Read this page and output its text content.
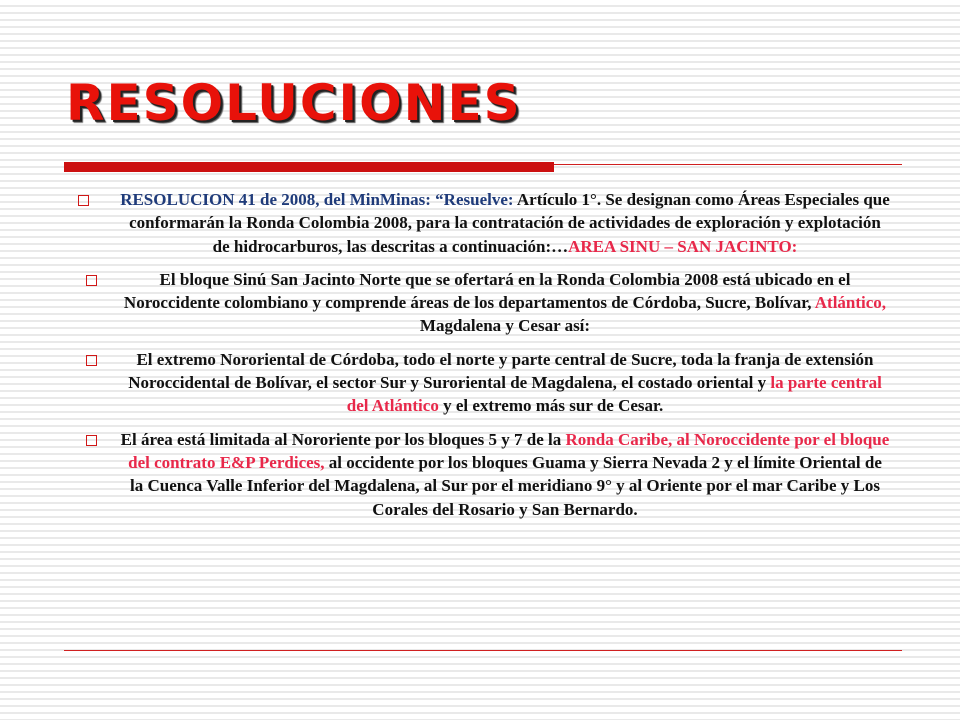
RESOLUCIONES

RESOLUCION 41 de 2008, del MinMinas: “Resuelve: Artículo 1°. Se designan como Áreas Especiales que conformarán la Ronda Colombia 2008, para la contratación de actividades de exploración y explotación de hidrocarburos, las descritas a continuación:…AREA SINU – SAN JACINTO:

El bloque Sinú San Jacinto Norte que se ofertará en la Ronda Colombia 2008 está ubicado en el Noroccidente colombiano y comprende áreas de los departamentos de Córdoba, Sucre, Bolívar, Atlántico, Magdalena y Cesar así:

El extremo Nororiental de Córdoba, todo el norte y parte central de Sucre, toda la franja de extensión Noroccidental de Bolívar, el sector Sur y Suroriental de Magdalena, el costado oriental y la parte central del Atlántico y el extremo más sur de Cesar.

El área está limitada al Nororiente por los bloques 5 y 7 de la Ronda Caribe, al Noroccidente por el bloque del contrato E&P Perdices, al occidente por los bloques Guama y Sierra Nevada 2 y el límite Oriental de la Cuenca Valle Inferior del Magdalena, al Sur por el meridiano 9° y al Oriente por el mar Caribe y Los Corales del Rosario y San Bernardo.
